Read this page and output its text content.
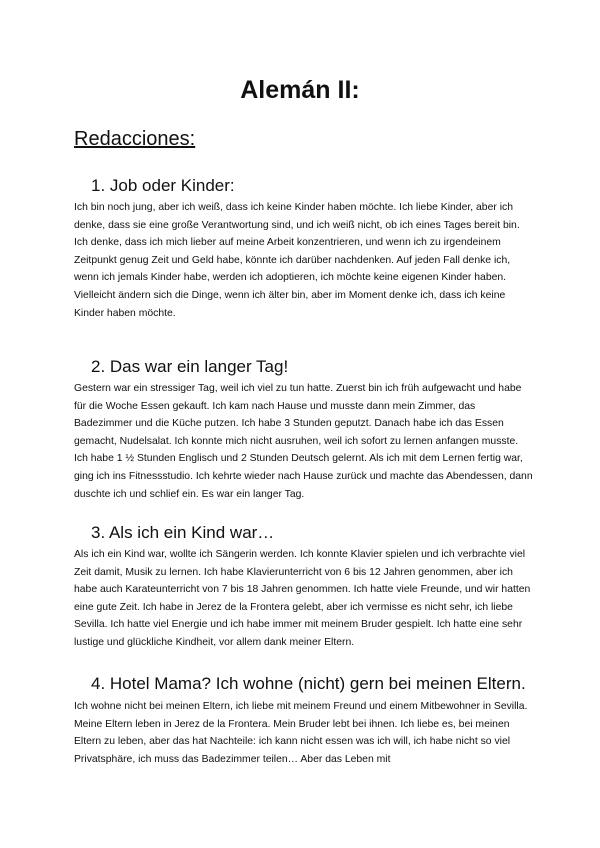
Alemán II:
Redacciones:
1. Job oder Kinder:

Ich bin noch jung, aber ich weiß, dass ich keine Kinder haben möchte. Ich liebe Kinder, aber ich denke, dass sie eine große Verantwortung sind, und ich weiß nicht, ob ich eines Tages bereit bin. Ich denke, dass ich mich lieber auf meine Arbeit konzentrieren, und wenn ich zu irgendeinem Zeitpunkt genug Zeit und Geld habe, könnte ich darüber nachdenken. Auf jeden Fall denke ich, wenn ich jemals Kinder habe, werden ich adoptieren, ich möchte keine eigenen Kinder haben. Vielleicht ändern sich die Dinge, wenn ich älter bin, aber im Moment denke ich, dass ich keine Kinder haben möchte.

2. Das war ein langer Tag!

Gestern war ein stressiger Tag, weil ich viel zu tun hatte. Zuerst bin ich früh aufgewacht und habe für die Woche Essen gekauft. Ich kam nach Hause und musste dann mein Zimmer, das Badezimmer und die Küche putzen. Ich habe 3 Stunden geputzt. Danach habe ich das Essen gemacht, Nudelsalat. Ich konnte mich nicht ausruhen, weil ich sofort zu lernen anfangen musste. Ich habe 1 ½ Stunden Englisch und 2 Stunden Deutsch gelernt. Als ich mit dem Lernen fertig war, ging ich ins Fitnessstudio. Ich kehrte wieder nach Hause zurück und machte das Abendessen, dann duschte ich und schlief ein. Es war ein langer Tag.

3. Als ich ein Kind war…

Als ich ein Kind war, wollte ich Sängerin werden. Ich konnte Klavier spielen und ich verbrachte viel Zeit damit, Musik zu lernen. Ich habe Klavierunterricht von 6 bis 12 Jahren genommen, aber ich habe auch Karateunterricht von 7 bis 18 Jahren genommen. Ich hatte viele Freunde, und wir hatten eine gute Zeit. Ich habe in Jerez de la Frontera gelebt, aber ich vermisse es nicht sehr, ich liebe Sevilla. Ich hatte viel Energie und ich habe immer mit meinem Bruder gespielt. Ich hatte eine sehr lustige und glückliche Kindheit, vor allem dank meiner Eltern.

4. Hotel Mama? Ich wohne (nicht) gern bei meinen Eltern.

Ich wohne nicht bei meinen Eltern, ich liebe mit meinem Freund und einem Mitbewohner in Sevilla. Meine Eltern leben in Jerez de la Frontera. Mein Bruder lebt bei ihnen. Ich liebe es, bei meinen Eltern zu leben, aber das hat Nachteile: ich kann nicht essen was ich will, ich habe nicht so viel Privatsphäre, ich muss das Badezimmer teilen… Aber das Leben mit
